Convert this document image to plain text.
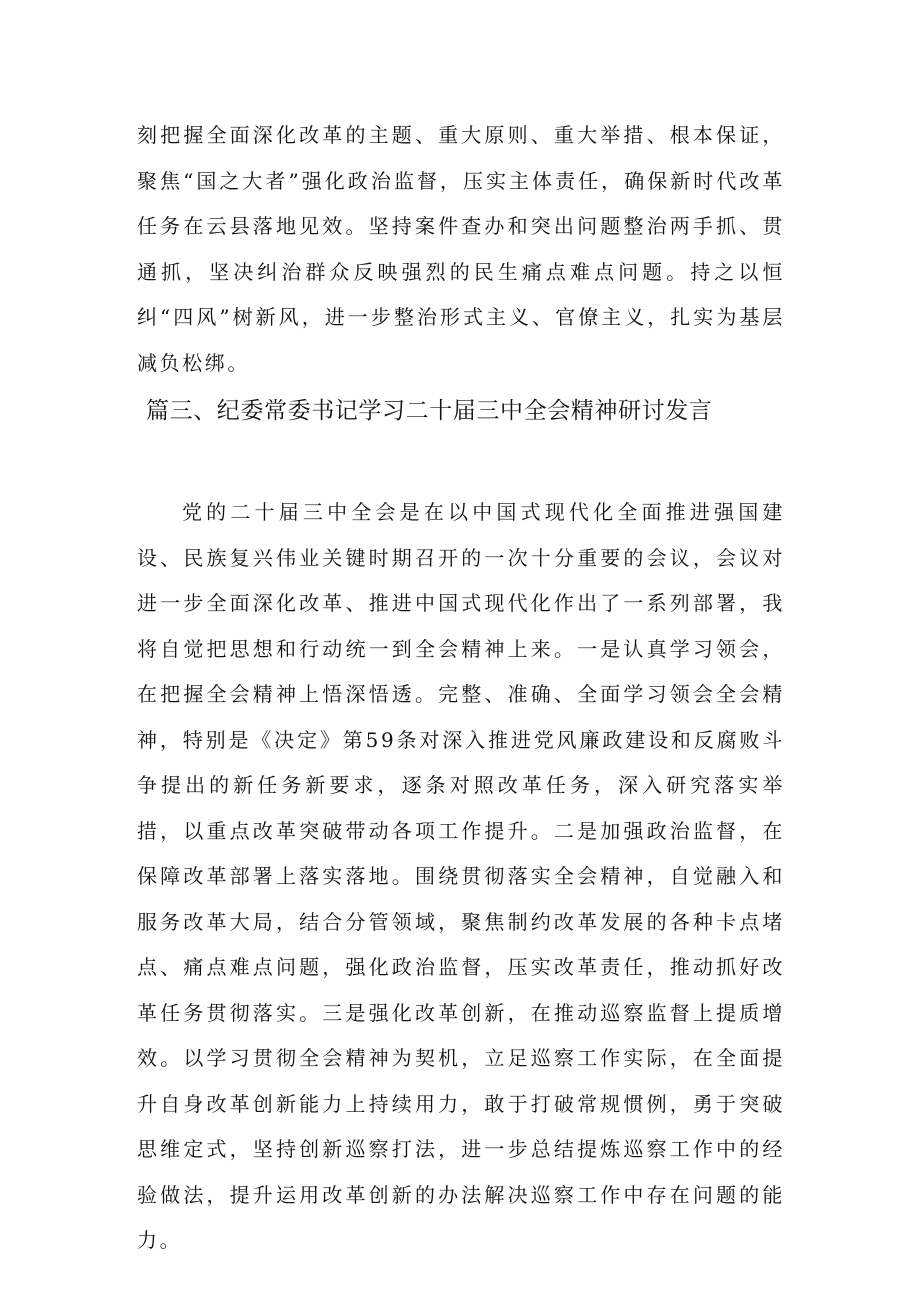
刻把握全面深化改革的主题、重大原则、重大举措、根本保证，聚焦“国之大者”强化政治监督，压实主体责任，确保新时代改革任务在云县落地见效。坚持案件查办和突出问题整治两手抓、贯通抓，坚决纠治群众反映强烈的民生痛点难点问题。持之以恒纠“四风”树新风，进一步整治形式主义、官僚主义，扎实为基层减负松绑。

篇三、纪委常委书记学习二十届三中全会精神研讨发言

党的二十届三中全会是在以中国式现代化全面推进强国建设、民族复兴伟业关键时期召开的一次十分重要的会议，会议对进一步全面深化改革、推进中国式现代化作出了一系列部署，我将自觉把思想和行动统一到全会精神上来。一是认真学习领会，在把握全会精神上悟深悟透。完整、准确、全面学习领会全会精神，特别是《决定》第59条对深入推进党风廉政建设和反腐败斗争提出的新任务新要求，逐条对照改革任务，深入研究落实举措，以重点改革突破带动各项工作提升。二是加强政治监督，在保障改革部署上落实落地。围绕贯彻落实全会精神，自觉融入和服务改革大局，结合分管领域，聚焦制约改革发展的各种卡点堵点、痛点难点问题，强化政治监督，压实改革责任，推动抓好改革任务贯彻落实。三是强化改革创新，在推动巡察监督上提质增效。以学习贯彻全会精神为契机，立足巡察工作实际，在全面提升自身改革创新能力上持续用力，敢于打破常规惯例，勇于突破思维定式，坚持创新巡察打法，进一步总结提炼巡察工作中的经验做法，提升运用改革创新的办法解决巡察工作中存在问题的能力。
